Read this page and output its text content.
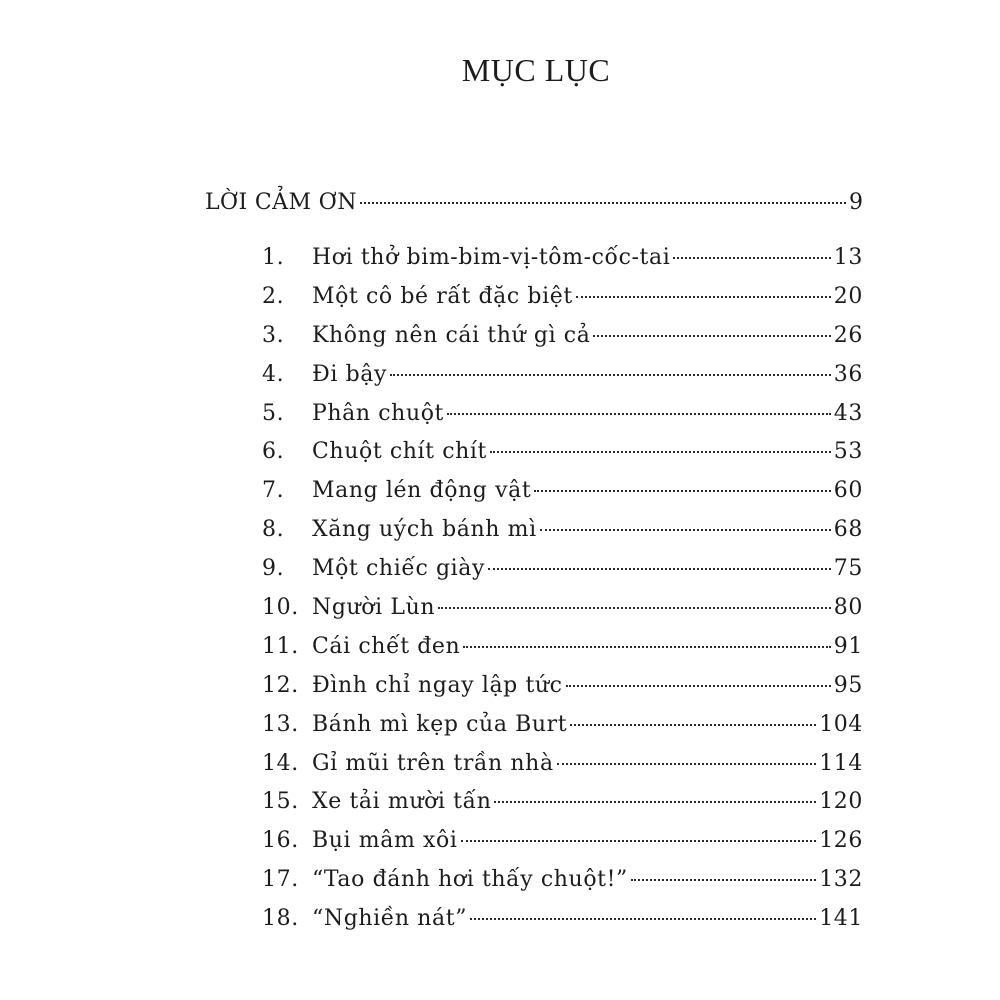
MỤC LỤC
LỜI CẢM ƠN	9
1.	Hơi thở bim-bim-vị-tôm-cốc-tai	13
2.	Một cô bé rất đặc biệt	20
3.	Không nên cái thứ gì cả	26
4.	Đi bậy	36
5.	Phân chuột	43
6.	Chuột chít chít	53
7.	Mang lén động vật	60
8.	Xăng uých bánh mì	68
9.	Một chiếc giày	75
10. Người Lùn	80
11. Cái chết đen	91
12. Đình chỉ ngay lập tức	95
13. Bánh mì kẹp của Burt	104
14. Gỉ mũi trên trần nhà	114
15. Xe tải mười tấn	120
16. Bụi mâm xôi	126
17. “Tao đánh hơi thấy chuột!”	132
18. “Nghiền nát”	141
